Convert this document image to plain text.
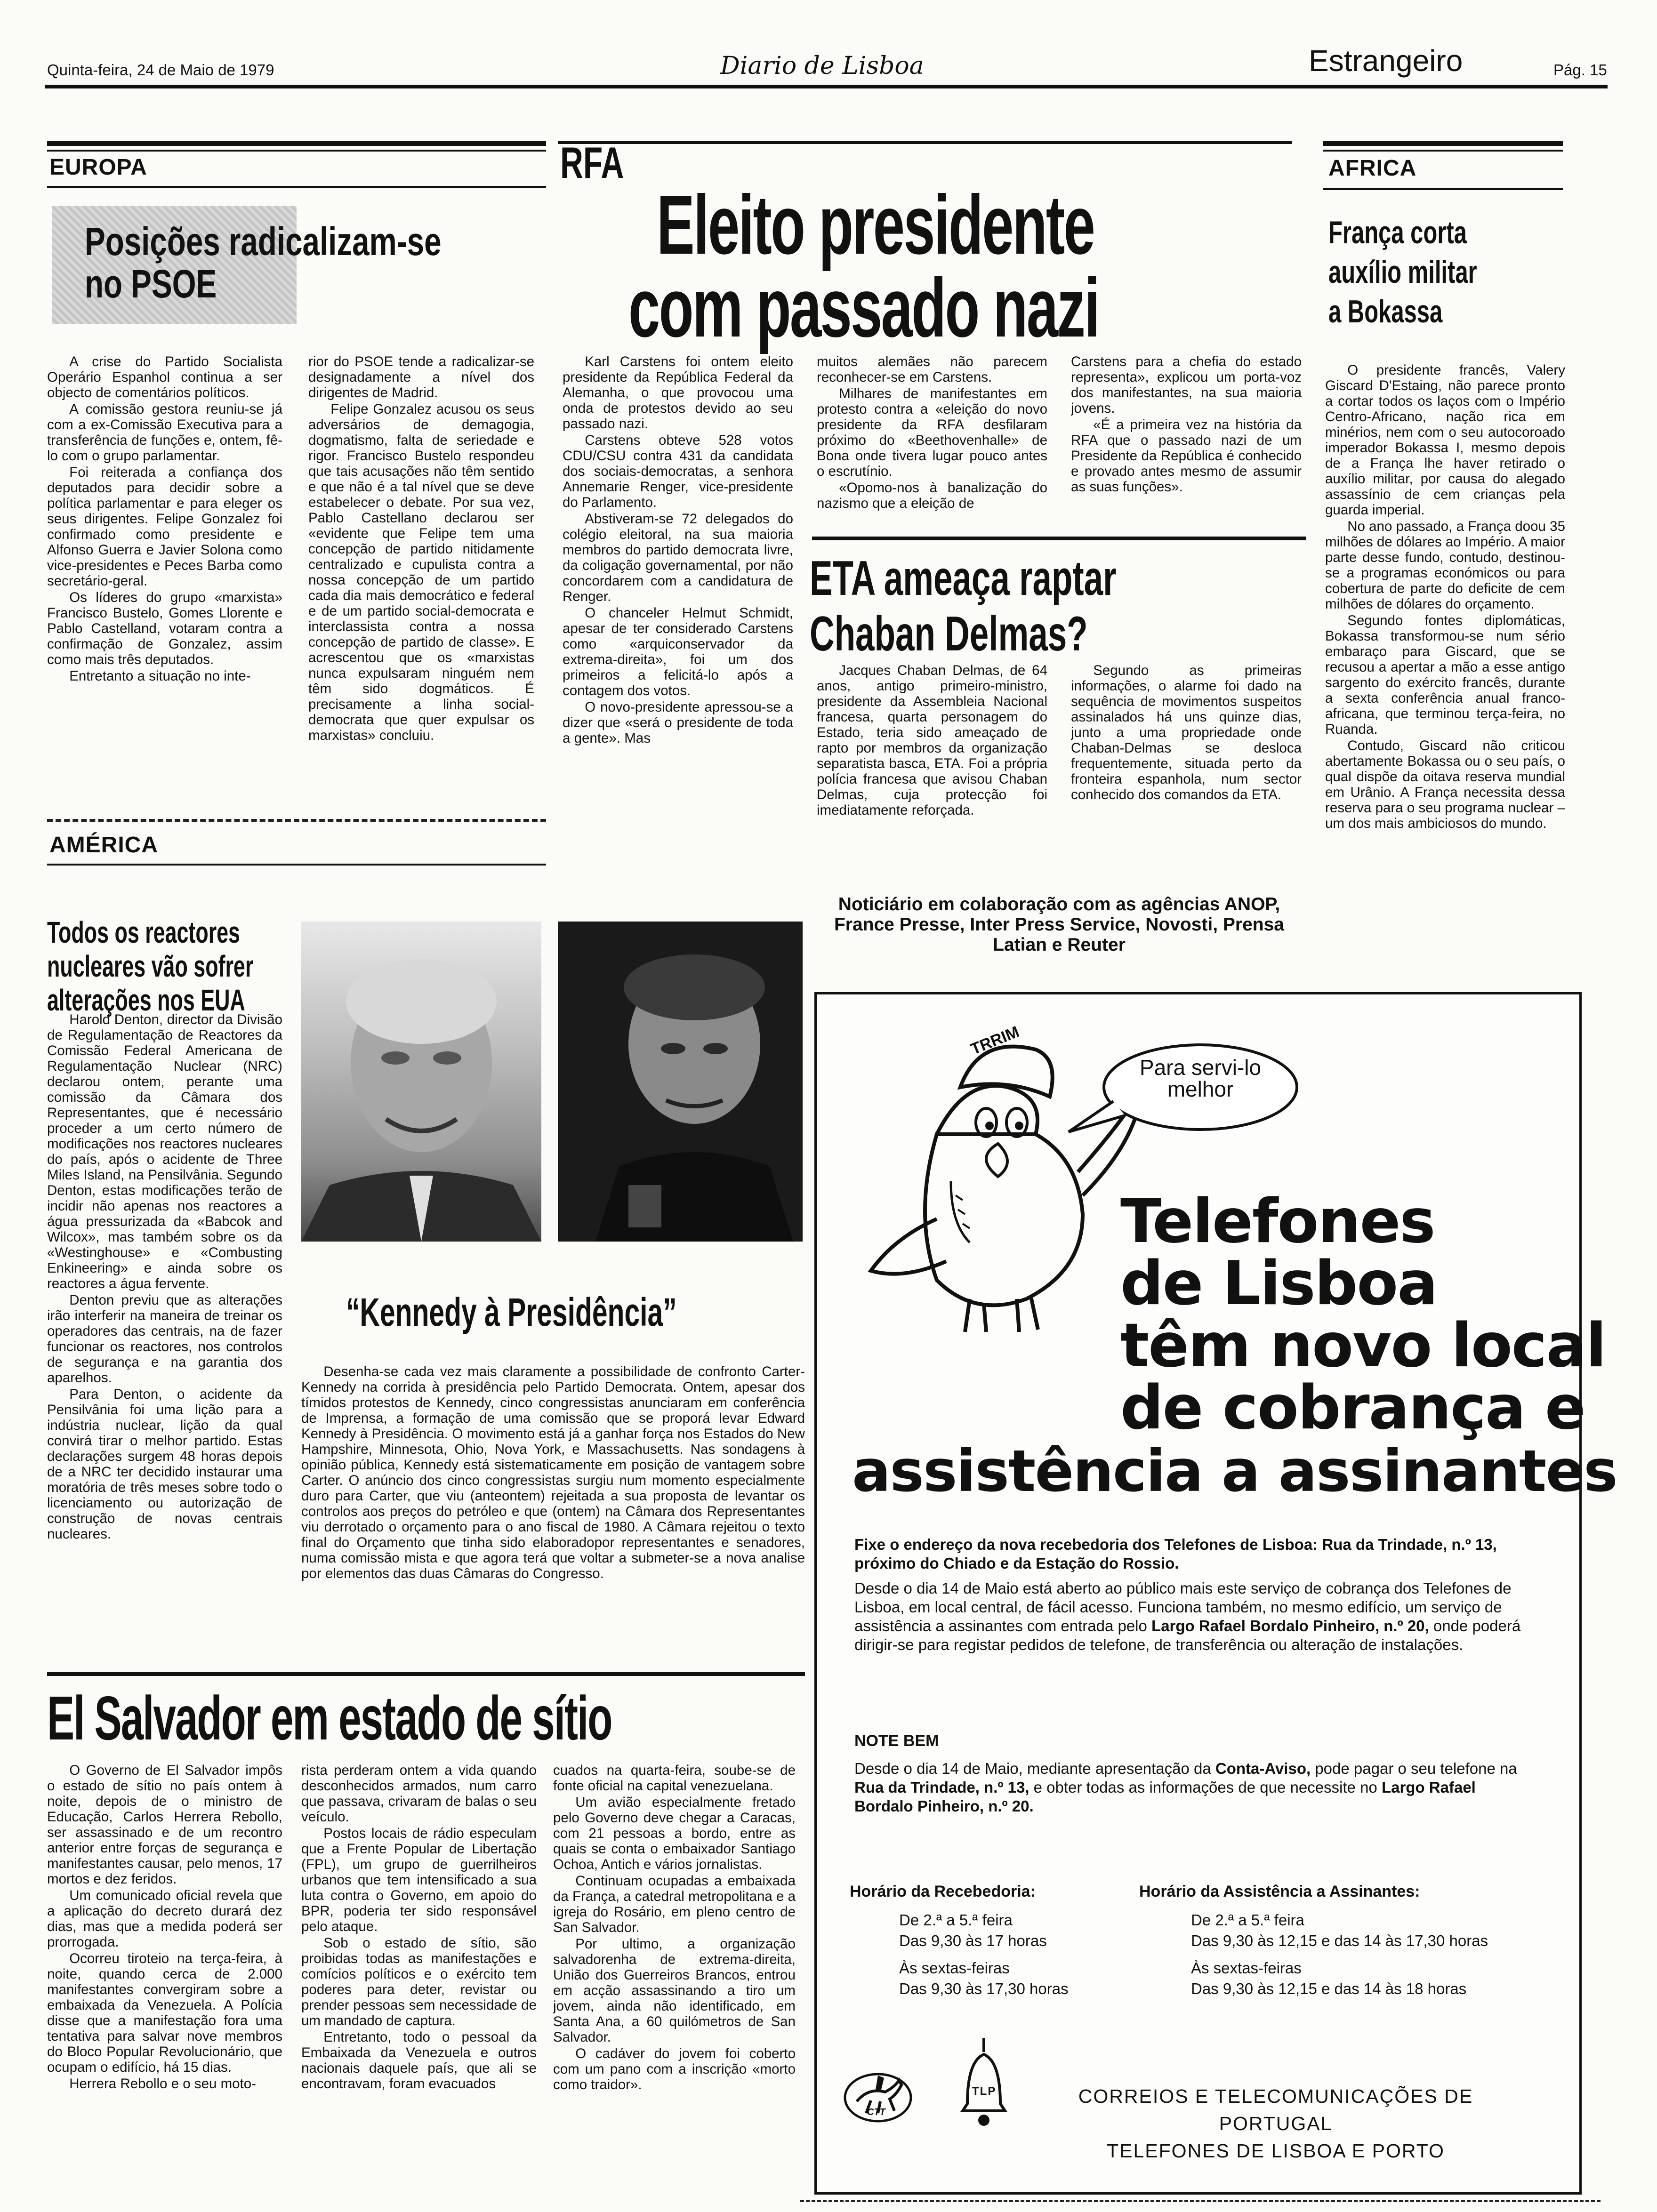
Quinta-feira, 24 de Maio de 1979	Diario de Lisboa	Estrangeiro	Pág. 15
EUROPA
Posições radicalizam-se
no PSOE

A crise do Partido Socialista Operário Espanhol continua a ser objecto de comentários políticos.

A comissão gestora reuniu-se já com a ex-Comissão Executiva para a transferência de funções e, ontem, fê-lo com o grupo parlamentar.

Foi reiterada a confiança dos deputados para decidir sobre a política parlamentar e para eleger os seus dirigentes. Felipe Gonzalez foi confirmado como presidente e Alfonso Guerra e Javier Solona como vice-presidentes e Peces Barba como secretário-geral.

Os líderes do grupo «marxista» Francisco Bustelo, Gomes Llorente e Pablo Castelland, votaram contra a confirmação de Gonzalez, assim como mais três deputados.

Entretanto a situação no inte-

rior do PSOE tende a radicalizar-se designadamente a nível dos dirigentes de Madrid.

Felipe Gonzalez acusou os seus adversários de demagogia, dogmatismo, falta de seriedade e rigor. Francisco Bustelo respondeu que tais acusações não têm sentido e que não é a tal nível que se deve estabelecer o debate. Por sua vez, Pablo Castellano declarou ser «evidente que Felipe tem uma concepção de partido nitidamente centralizado e cupulista contra a nossa concepção de um partido cada dia mais democrático e federal e de um partido social-democrata e interclassista contra a nossa concepção de partido de classe». E acrescentou que os «marxistas nunca expulsaram ninguém nem têm sido dogmáticos. É precisamente a linha social-democrata que quer expulsar os marxistas» concluiu.

RFA
Eleito presidente
com passado nazi

Karl Carstens foi ontem eleito presidente da República Federal da Alemanha, o que provocou uma onda de protestos devido ao seu passado nazi.

Carstens obteve 528 votos CDU/CSU contra 431 da candidata dos sociais-democratas, a senhora Annemarie Renger, vice-presidente do Parlamento.

Abstiveram-se 72 delegados do colégio eleitoral, na sua maioria membros do partido democrata livre, da coligação governamental, por não concordarem com a candidatura de Renger.

O chanceler Helmut Schmidt, apesar de ter considerado Carstens como «arquiconservador da extrema-direita», foi um dos primeiros a felicitá-lo após a contagem dos votos.

O novo-presidente apressou-se a dizer que «será o presidente de toda a gente». Mas

muitos alemães não parecem reconhecer-se em Carstens.

Milhares de manifestantes em protesto contra a «eleição do novo presidente da RFA desfilaram próximo do «Beethovenhalle» de Bona onde tivera lugar pouco antes o escrutínio.

«Opomo-nos à banalização do nazismo que a eleição de

Carstens para a chefia do estado representa», explicou um porta-voz dos manifestantes, na sua maioria jovens.

«É a primeira vez na história da RFA que o passado nazi de um Presidente da República é conhecido e provado antes mesmo de assumir as suas funções».

ETA ameaça raptar
Chaban Delmas?

Jacques Chaban Delmas, de 64 anos, antigo primeiro-ministro, presidente da Assembleia Nacional francesa, quarta personagem do Estado, teria sido ameaçado de rapto por membros da organização separatista basca, ETA. Foi a própria polícia francesa que avisou Chaban Delmas, cuja protecção foi imediatamente reforçada.

Segundo as primeiras informações, o alarme foi dado na sequência de movimentos suspeitos assinalados há uns quinze dias, junto a uma propriedade onde Chaban-Delmas se desloca frequentemente, situada perto da fronteira espanhola, num sector conhecido dos comandos da ETA.

Noticiário em colaboração com as agências ANOP, France Presse, Inter Press Service, Novosti, Prensa Latian e Reuter
AFRICA
França corta
auxílio militar
a Bokassa

O presidente francês, Valery Giscard D'Estaing, não parece pronto a cortar todos os laços com o Império Centro-Africano, nação rica em minérios, nem com o seu autocoroado imperador Bokassa I, mesmo depois de a França lhe haver retirado o auxílio militar, por causa do alegado assassínio de cem crianças pela guarda imperial.

No ano passado, a França doou 35 milhões de dólares ao Império. A maior parte desse fundo, contudo, destinou-se a programas económicos ou para cobertura de parte do deficite de cem milhões de dólares do orçamento.

Segundo fontes diplomáticas, Bokassa transformou-se num sério embaraço para Giscard, que se recusou a apertar a mão a esse antigo sargento do exército francês, durante a sexta conferência anual franco-africana, que terminou terça-feira, no Ruanda.

Contudo, Giscard não criticou abertamente Bokassa ou o seu país, o qual dispõe da oitava reserva mundial em Urânio. A França necessita dessa reserva para o seu programa nuclear – um dos mais ambiciosos do mundo.

AMÉRICA
Todos os reactores
nucleares vão sofrer
alterações nos EUA

Harold Denton, director da Divisão de Regulamentação de Reactores da Comissão Federal Americana de Regulamentação Nuclear (NRC) declarou ontem, perante uma comissão da Câmara dos Representantes, que é necessário proceder a um certo número de modificações nos reactores nucleares do país, após o acidente de Three Miles Island, na Pensilvânia. Segundo Denton, estas modificações terão de incidir não apenas nos reactores a água pressurizada da «Babcok and Wilcox», mas também sobre os da «Westinghouse» e «Combusting Enkineering» e ainda sobre os reactores a água fervente.

Denton previu que as alterações irão interferir na maneira de treinar os operadores das centrais, na de fazer funcionar os reactores, nos controlos de segurança e na garantia dos aparelhos.

Para Denton, o acidente da Pensilvânia foi uma lição para a indústria nuclear, lição da qual convirá tirar o melhor partido. Estas declarações surgem 48 horas depois de a NRC ter decidido instaurar uma moratória de três meses sobre todo o licenciamento ou autorização de construção de novas centrais nucleares.

“Kennedy à Presidência”

Desenha-se cada vez mais claramente a possibilidade de confronto Carter-Kennedy na corrida à presidência pelo Partido Democrata. Ontem, apesar dos tímidos protestos de Kennedy, cinco congressistas anunciaram em conferência de Imprensa, a formação de uma comissão que se proporá levar Edward Kennedy à Presidência. O movimento está já a ganhar força nos Estados do New Hampshire, Minnesota, Ohio, Nova York, e Massachusetts. Nas sondagens à opinião pública, Kennedy está sistematicamente em posição de vantagem sobre Carter. O anúncio dos cinco congressistas surgiu num momento especialmente duro para Carter, que viu (anteontem) rejeitada a sua proposta de levantar os controlos aos preços do petróleo e que (ontem) na Câmara dos Representantes viu derrotado o orçamento para o ano fiscal de 1980. A Câmara rejeitou o texto final do Orçamento que tinha sido elaboradopor representantes e senadores, numa comissão mista e que agora terá que voltar a submeter-se a nova analise por elementos das duas Câmaras do Congresso.

El Salvador em estado de sítio

O Governo de El Salvador impôs o estado de sítio no país ontem à noite, depois de o ministro de Educação, Carlos Herrera Rebollo, ser assassinado e de um recontro anterior entre forças de segurança e manifestantes causar, pelo menos, 17 mortos e dez feridos.

Um comunicado oficial revela que a aplicação do decreto durará dez dias, mas que a medida poderá ser prorrogada.

Ocorreu tiroteio na terça-feira, à noite, quando cerca de 2.000 manifestantes convergiram sobre a embaixada da Venezuela. A Polícia disse que a manifestação fora uma tentativa para salvar nove membros do Bloco Popular Revolucionário, que ocupam o edifício, há 15 dias.

Herrera Rebollo e o seu moto-

rista perderam ontem a vida quando desconhecidos armados, num carro que passava, crivaram de balas o seu veículo.

Postos locais de rádio especulam que a Frente Popular de Libertação (FPL), um grupo de guerrilheiros urbanos que tem intensificado a sua luta contra o Governo, em apoio do BPR, poderia ter sido responsável pelo ataque.

Sob o estado de sítio, são proibidas todas as manifestações e comícios políticos e o exército tem poderes para deter, revistar ou prender pessoas sem necessidade de um mandado de captura.

Entretanto, todo o pessoal da Embaixada da Venezuela e outros nacionais daquele país, que ali se encontravam, foram evacuados

cuados na quarta-feira, soube-se de fonte oficial na capital venezuelana.

Um avião especialmente fretado pelo Governo deve chegar a Caracas, com 21 pessoas a bordo, entre as quais se conta o embaixador Santiago Ochoa, Antich e vários jornalistas.

Continuam ocupadas a embaixada da França, a catedral metropolitana e a igreja do Rosário, em pleno centro de San Salvador.

Por ultimo, a organização salvadorenha de extrema-direita, União dos Guerreiros Brancos, entrou em acção assassinando a tiro um jovem, ainda não identificado, em Santa Ana, a 60 quilómetros de San Salvador.

O cadáver do jovem foi coberto com um pano com a inscrição «morto como traidor».

TRRIM
Para servi-lo
melhor
Telefones
de Lisboa
têm novo local
de cobrança e
assistência a assinantes
Fixe o endereço da nova recebedoria dos Telefones de Lisboa: Rua da Trindade, n.º 13, próximo do Chiado e da Estação do Rossio.
Desde o dia 14 de Maio está aberto ao público mais este serviço de cobrança dos Telefones de Lisboa, em local central, de fácil acesso. Funciona também, no mesmo edifício, um serviço de assistência a assinantes com entrada pelo Largo Rafael Bordalo Pinheiro, n.º 20, onde poderá dirigir-se para registar pedidos de telefone, de transferência ou alteração de instalações.
NOTE BEM
Desde o dia 14 de Maio, mediante apresentação da Conta-Aviso, pode pagar o seu telefone na Rua da Trindade, n.º 13, e obter todas as informações de que necessite no Largo Rafael Bordalo Pinheiro, n.º 20.
Horário da Recebedoria:
De 2.ª a 5.ª feira
Das 9,30 às 17 horas
Às sextas-feiras
Das 9,30 às 17,30 horas
Horário da Assistência a Assinantes:
De 2.ª a 5.ª feira
Das 9,30 às 12,15 e das 14 às 17,30 horas
Às sextas-feiras
Das 9,30 às 12,15 e das 14 às 18 horas
CTT
TLP	CORREIOS E TELECOMUNICAÇÕES DE PORTUGAL
TELEFONES DE LISBOA E PORTO
